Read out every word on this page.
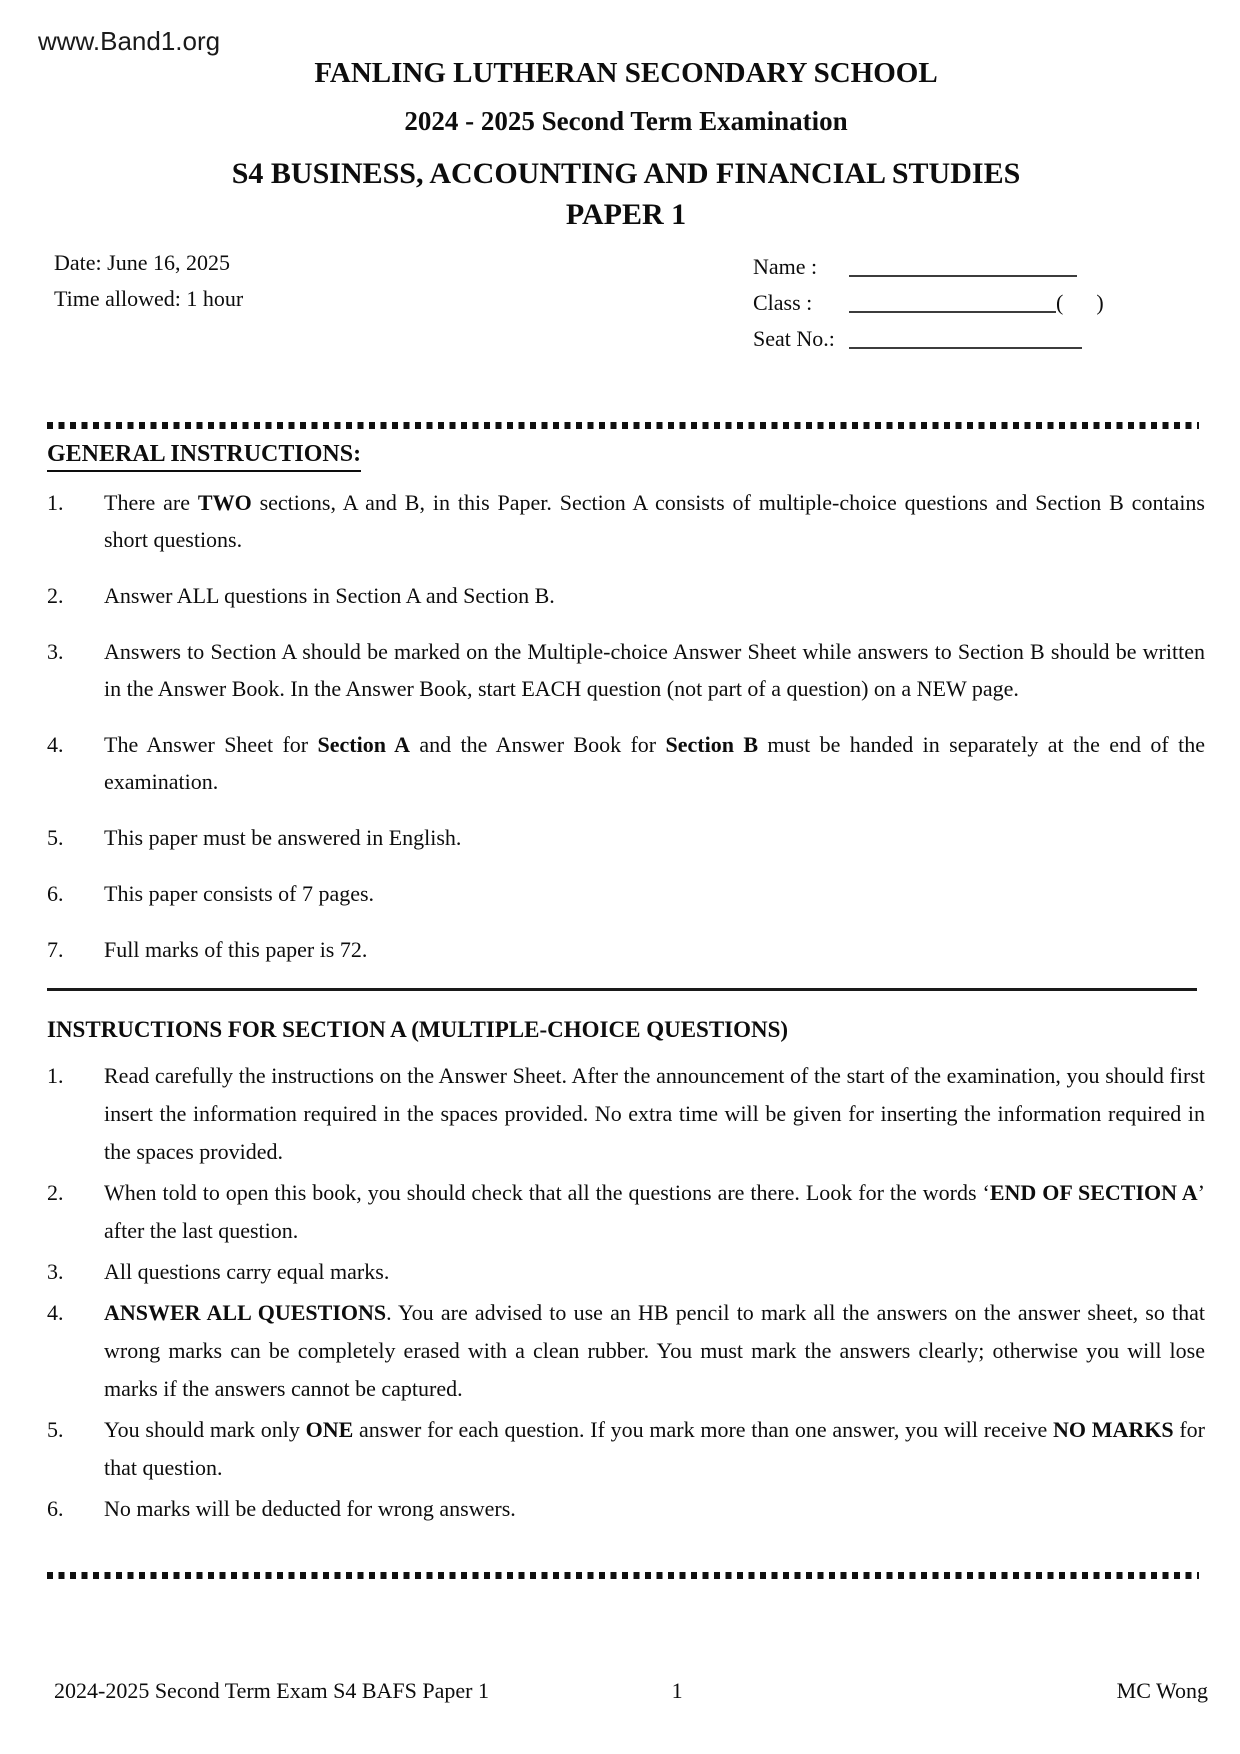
www.Band1.org
FANLING LUTHERAN SECONDARY SCHOOL
2024 - 2025 Second Term Examination
S4 BUSINESS, ACCOUNTING AND FINANCIAL STUDIES
PAPER 1
Date: June 16, 2025
Time allowed: 1 hour
Name :
Class :	(      )
Seat No.:
GENERAL INSTRUCTIONS:
1.	There are TWO sections, A and B, in this Paper. Section A consists of multiple-choice questions and Section B contains short questions.
2.	Answer ALL questions in Section A and Section B.
3.	Answers to Section A should be marked on the Multiple-choice Answer Sheet while answers to Section B should be written in the Answer Book. In the Answer Book, start EACH question (not part of a question) on a NEW page.
4.	The Answer Sheet for Section A and the Answer Book for Section B must be handed in separately at the end of the examination.
5.	This paper must be answered in English.
6.	This paper consists of 7 pages.
7.	Full marks of this paper is 72.
INSTRUCTIONS FOR SECTION A (MULTIPLE-CHOICE QUESTIONS)
1.	Read carefully the instructions on the Answer Sheet. After the announcement of the start of the examination, you should first insert the information required in the spaces provided. No extra time will be given for inserting the information required in the spaces provided.
2.	When told to open this book, you should check that all the questions are there. Look for the words ‘END OF SECTION A’ after the last question.
3.	All questions carry equal marks.
4.	ANSWER ALL QUESTIONS. You are advised to use an HB pencil to mark all the answers on the answer sheet, so that wrong marks can be completely erased with a clean rubber. You must mark the answers clearly; otherwise you will lose marks if the answers cannot be captured.
5.	You should mark only ONE answer for each question. If you mark more than one answer, you will receive NO MARKS for that question.
6.	No marks will be deducted for wrong answers.
2024-2025 Second Term Exam S4 BAFS Paper 1	1	MC Wong
